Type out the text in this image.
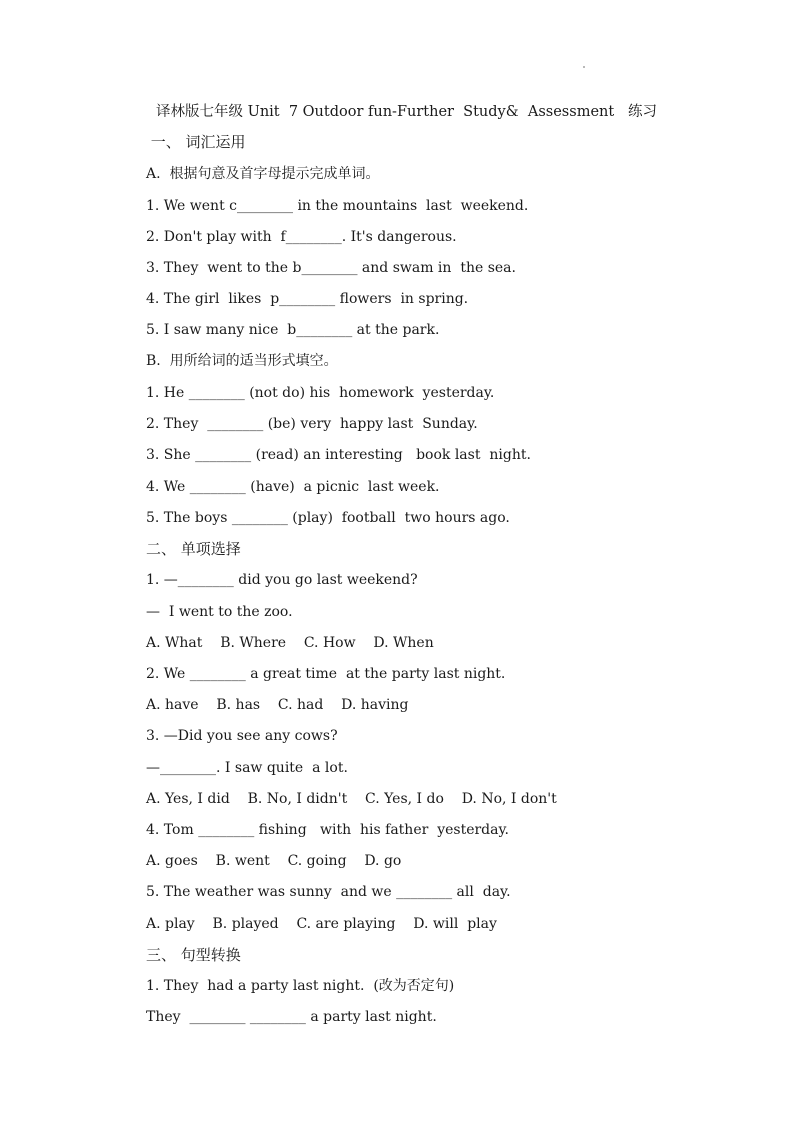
译林版七年级 Unit  7 Outdoor fun-Further  Study&  Assessment   练习
一、 词汇运用
A.  根据句意及首字母提示完成单词。
1. We went c________ in the mountains  last  weekend.
2. Don't play with  f________. It's dangerous.
3. They  went to the b________ and swam in  the sea.
4. The girl  likes  p________ flowers  in spring.
5. I saw many nice  b________ at the park.
B.  用所给词的适当形式填空。
1. He ________ (not do) his  homework  yesterday.
2. They  ________ (be) very  happy last  Sunday.
3. She ________ (read) an interesting   book last  night.
4. We ________ (have)  a picnic  last week.
5. The boys ________ (play)  football  two hours ago.
二、 单项选择
1. —________ did you go last weekend?
—  I went to the zoo.
A. What    B. Where    C. How    D. When
2. We ________ a great time  at the party last night.
A. have    B. has    C. had    D. having
3. —Did you see any cows?
—________. I saw quite  a lot.
A. Yes, I did    B. No, I didn't    C. Yes, I do    D. No, I don't
4. Tom ________ fishing   with  his father  yesterday.
A. goes    B. went    C. going    D. go
5. The weather was sunny  and we ________ all  day.
A. play    B. played    C. are playing    D. will  play
三、 句型转换
1. They  had a party last night.  (改为否定句)
They  ________ ________ a party last night.
